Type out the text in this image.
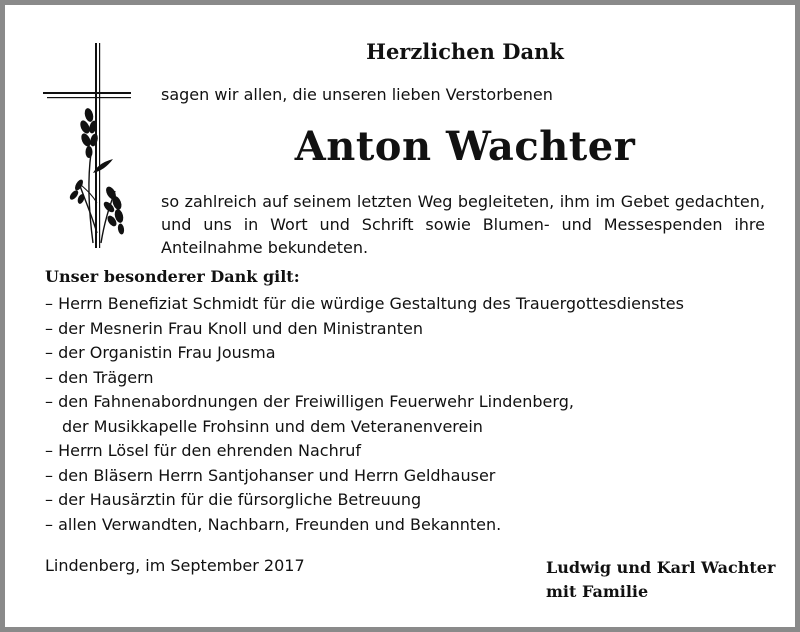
Herzlichen Dank
sagen wir allen, die unseren lieben Verstorbenen
Anton Wachter
so zahlreich auf seinem letzten Weg begleiteten, ihm im Gebet gedachten,
und uns in Wort und Schrift sowie Blumen- und Messespenden ihre
Anteilnahme bekundeten.
Unser besonderer Dank gilt:
– Herrn Benefiziat Schmidt für die würdige Gestaltung des Trauergottesdienstes
– der Mesnerin Frau Knoll und den Ministranten
– der Organistin Frau Jousma
– den Trägern
– den Fahnenabordnungen der Freiwilligen Feuerwehr Lindenberg,
der Musikkapelle Frohsinn und dem Veteranenverein
– Herrn Lösel für den ehrenden Nachruf
– den Bläsern Herrn Santjohanser und Herrn Geldhauser
– der Hausärztin für die fürsorgliche Betreuung
– allen Verwandten, Nachbarn, Freunden und Bekannten.
Lindenberg, im September 2017	Ludwig und Karl Wachter
mit Familie
